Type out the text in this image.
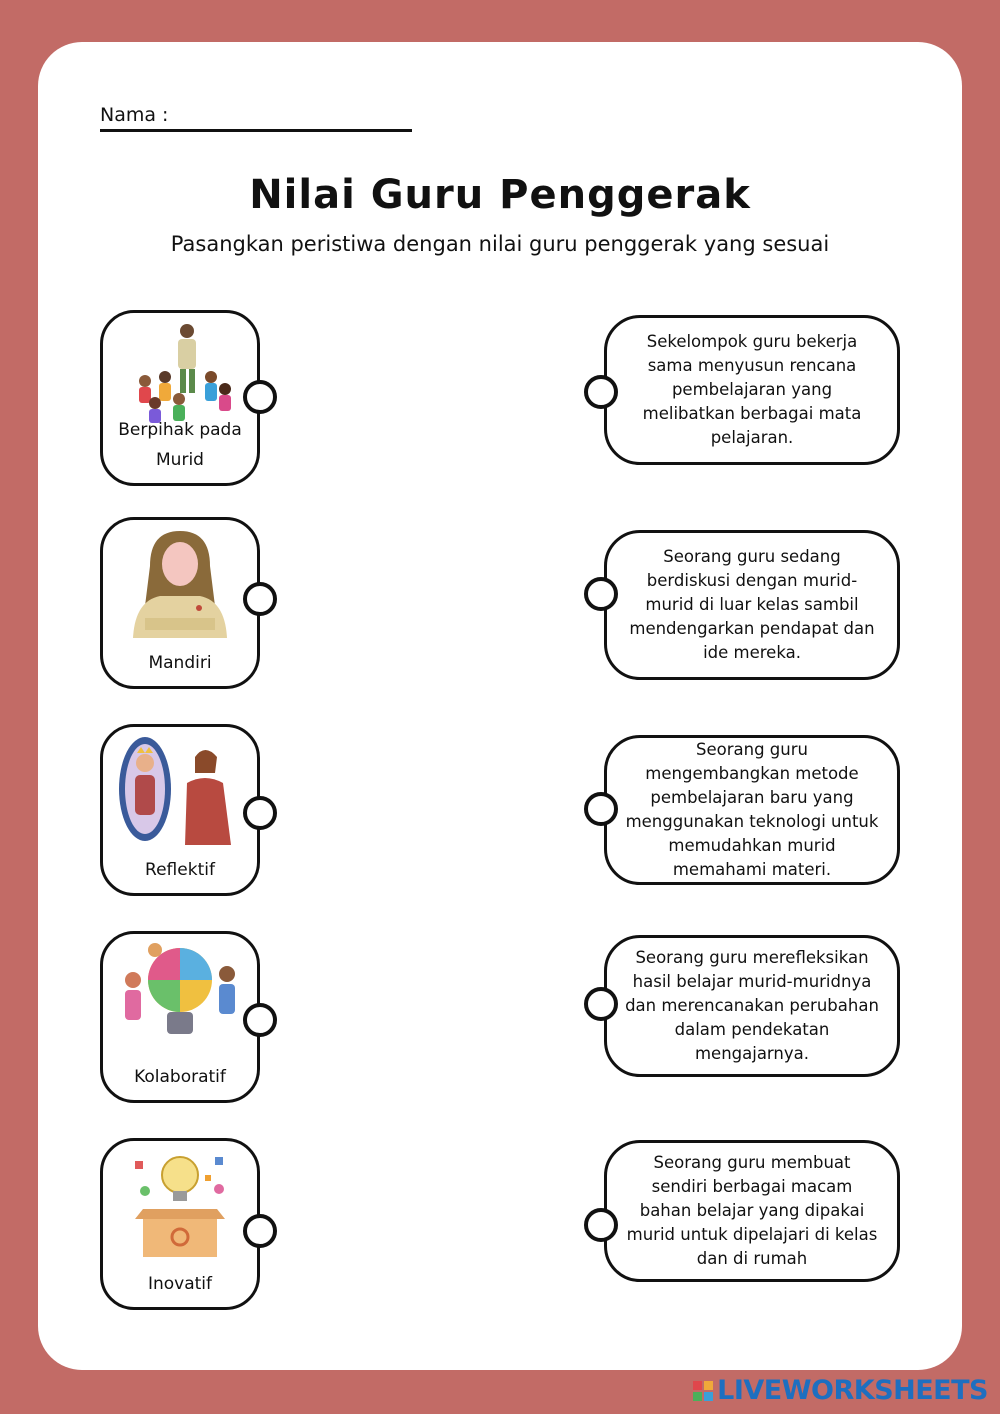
Nama :
Nilai Guru Penggerak
Pasangkan peristiwa dengan nilai guru penggerak yang sesuai
Berpihak pada Murid
Mandiri
Reflektif
Kolaboratif
Inovatif
Sekelompok guru bekerja sama menyusun rencana pembelajaran yang melibatkan berbagai mata pelajaran.
Seorang guru sedang berdiskusi dengan murid-murid di luar kelas sambil mendengarkan pendapat dan ide mereka.
Seorang guru mengembangkan metode pembelajaran baru yang menggunakan teknologi untuk memudahkan murid memahami materi.
Seorang guru merefleksikan hasil belajar murid-muridnya dan merencanakan perubahan dalam pendekatan mengajarnya.
Seorang guru membuat sendiri berbagai macam bahan belajar yang dipakai murid untuk dipelajari di kelas dan di rumah
LIVEWORKSHEETS
